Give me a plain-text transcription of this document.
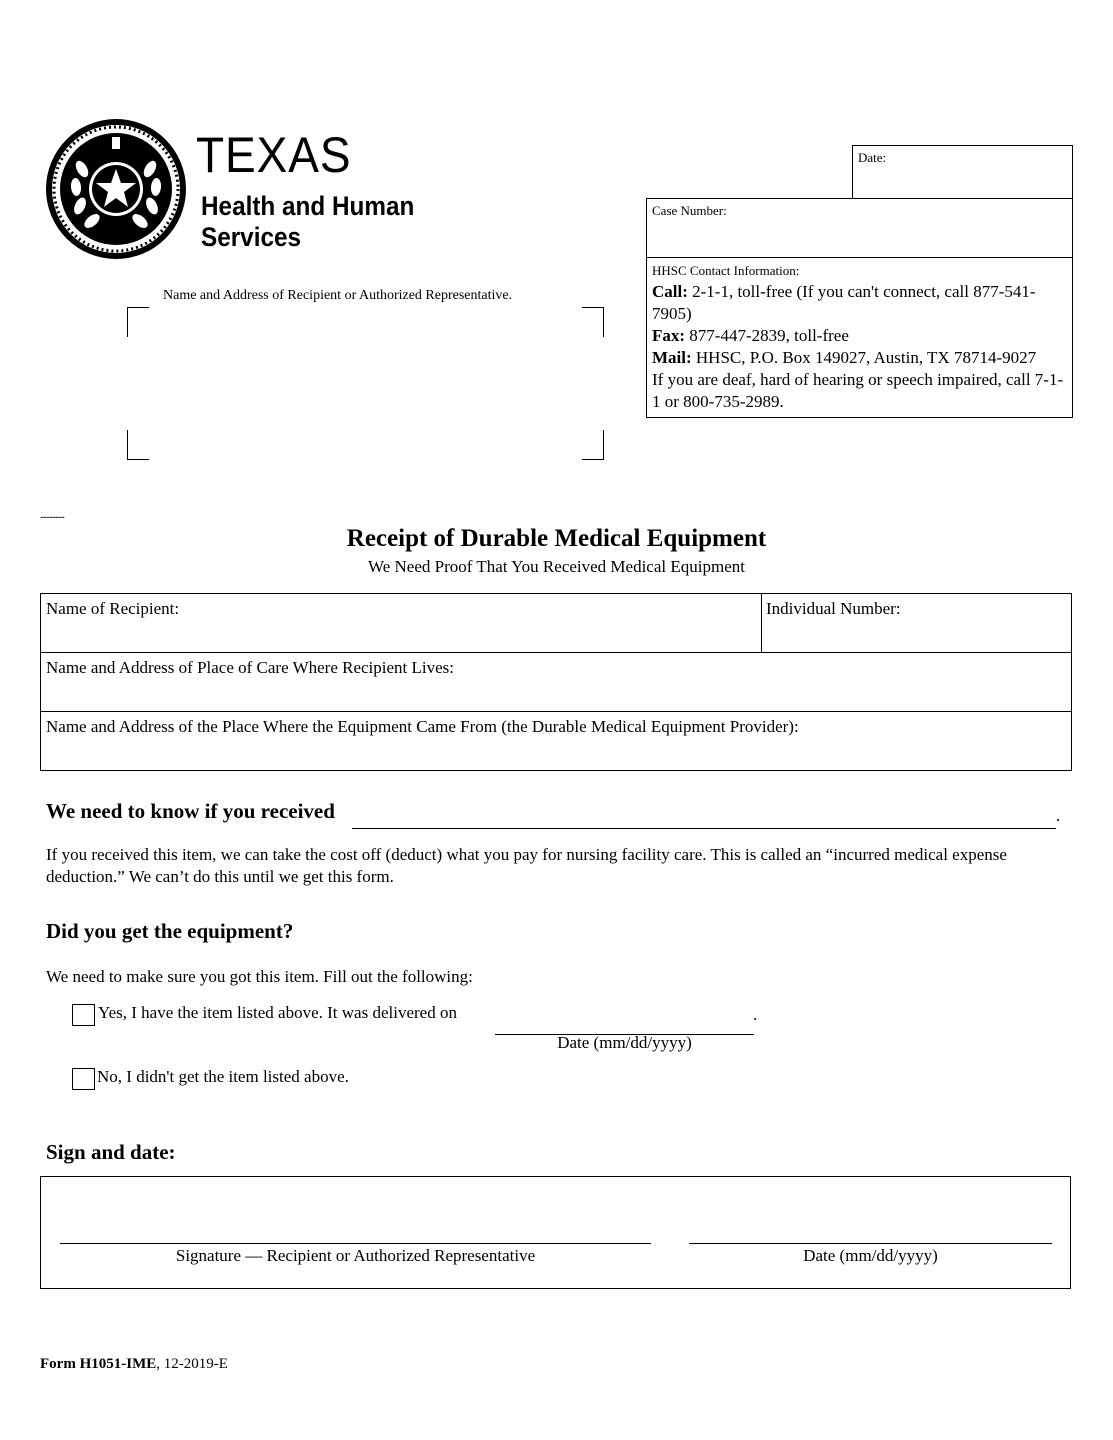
TEXAS
Health and Human
Services
Date:
Case Number:
HHSC Contact Information:
Call: 2-1-1, toll-free (If you can't connect, call 877-541-7905)
Fax: 877-447-2839, toll-free
Mail: HHSC, P.O. Box 149027, Austin, TX 78714-9027
If you are deaf, hard of hearing or speech impaired, call 7-1-1 or 800-735-2989.
Name and Address of Recipient or Authorized Representative.
................
Receipt of Durable Medical Equipment
We Need Proof That You Received Medical Equipment
Name of Recipient:	Individual Number:
Name and Address of Place of Care Where Recipient Lives:
Name and Address of the Place Where the Equipment Came From (the Durable Medical Equipment Provider):
We need to know if you received	.
If you received this item, we can take the cost off (deduct) what you pay for nursing facility care. This is called an “incurred medical expense deduction.” We can’t do this until we get this form.
Did you get the equipment?
We need to make sure you got this item. Fill out the following:
Yes, I have the item listed above. It was delivered on	.
Date (mm/dd/yyyy)
No, I didn't get the item listed above.
Sign and date:
Signature — Recipient or Authorized Representative	Date (mm/dd/yyyy)
Form H1051-IME, 12-2019-E
